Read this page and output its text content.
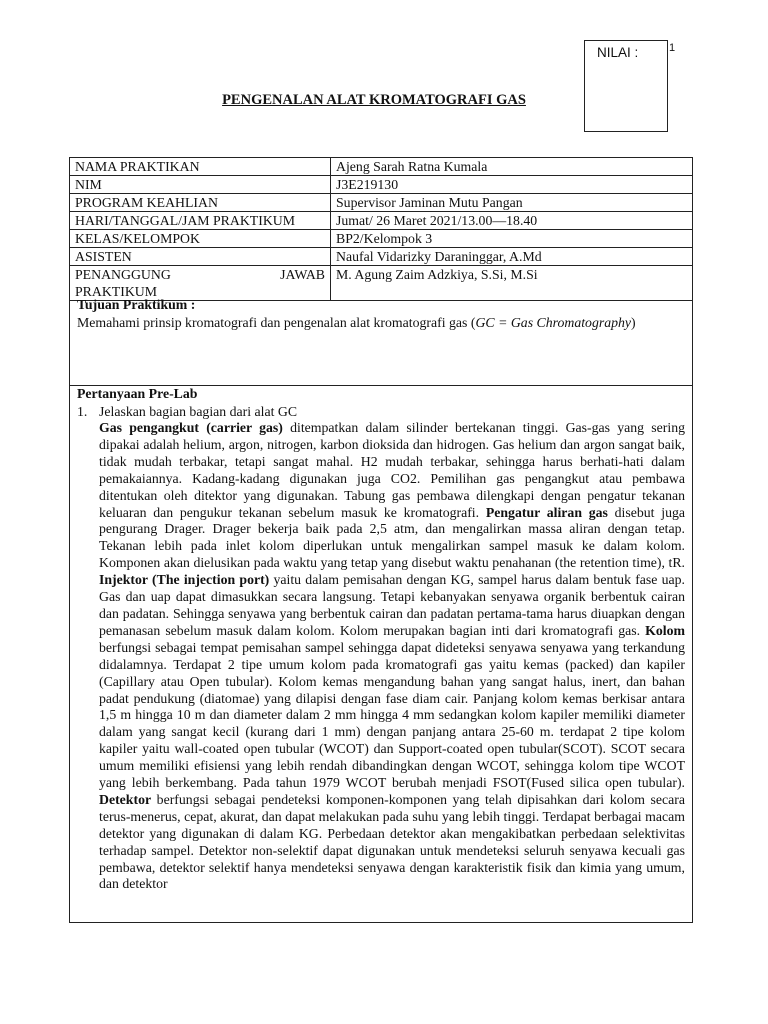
NILAI :	1
PENGENALAN ALAT KROMATOGRAFI GAS
NAMA PRAKTIKAN	Ajeng Sarah Ratna Kumala
NIM	J3E219130
PROGRAM KEAHLIAN	Supervisor Jaminan Mutu Pangan
HARI/TANGGAL/JAM PRAKTIKUM	Jumat/ 26 Maret 2021/13.00—18.40
KELAS/KELOMPOK	BP2/Kelompok 3
ASISTEN	Naufal Vidarizky Daraninggar, A.Md

PENANGGUNG JAWAB
PRAKTIKUM	M. Agung Zaim Adzkiya, S.Si, M.Si
Tujuan Praktikum :
Memahami prinsip kromatografi dan pengenalan alat kromatografi gas (GC = Gas Chromatography)
Pertanyaan Pre-Lab
1. Jelaskan bagian bagian dari alat GC
Gas pengangkut (carrier gas) ditempatkan dalam silinder bertekanan tinggi. Gas-gas yang sering dipakai adalah helium, argon, nitrogen, karbon dioksida dan hidrogen. Gas helium dan argon sangat baik, tidak mudah terbakar, tetapi sangat mahal. H2 mudah terbakar, sehingga harus berhati-hati dalam pemakaiannya. Kadang-kadang digunakan juga CO2. Pemilihan gas pengangkut atau pembawa ditentukan oleh ditektor yang digunakan. Tabung gas pembawa dilengkapi dengan pengatur tekanan keluaran dan pengukur tekanan sebelum masuk ke kromatografi. Pengatur aliran gas disebut juga pengurang Drager. Drager bekerja baik pada 2,5 atm, dan mengalirkan massa aliran dengan tetap. Tekanan lebih pada inlet kolom diperlukan untuk mengalirkan sampel masuk ke dalam kolom. Komponen akan dielusikan pada waktu yang tetap yang disebut waktu penahanan (the retention time), tR. Injektor (The injection port) yaitu dalam pemisahan dengan KG, sampel harus dalam bentuk fase uap. Gas dan uap dapat dimasukkan secara langsung. Tetapi kebanyakan senyawa organik berbentuk cairan dan padatan. Sehingga senyawa yang berbentuk cairan dan padatan pertama-tama harus diuapkan dengan pemanasan sebelum masuk dalam kolom. Kolom merupakan bagian inti dari kromatografi gas. Kolom berfungsi sebagai tempat pemisahan sampel sehingga dapat dideteksi senyawa senyawa yang terkandung didalamnya. Terdapat 2 tipe umum kolom pada kromatografi gas yaitu kemas (packed) dan kapiler (Capillary atau Open tubular). Kolom kemas mengandung bahan yang sangat halus, inert, dan bahan padat pendukung (diatomae) yang dilapisi dengan fase diam cair. Panjang kolom kemas berkisar antara 1,5 m hingga 10 m dan diameter dalam 2 mm hingga 4 mm sedangkan kolom kapiler memiliki diameter dalam yang sangat kecil (kurang dari 1 mm) dengan panjang antara 25-60 m. terdapat 2 tipe kolom kapiler yaitu wall-coated open tubular (WCOT) dan Support-coated open tubular(SCOT). SCOT secara umum memiliki efisiensi yang lebih rendah dibandingkan dengan WCOT, sehingga kolom tipe WCOT yang lebih berkembang. Pada tahun 1979 WCOT berubah menjadi FSOT(Fused silica open tubular). Detektor berfungsi sebagai pendeteksi komponen-komponen yang telah dipisahkan dari kolom secara terus-menerus, cepat, akurat, dan dapat melakukan pada suhu yang lebih tinggi. Terdapat berbagai macam detektor yang digunakan di dalam KG. Perbedaan detektor akan mengakibatkan perbedaan selektivitas terhadap sampel. Detektor non-selektif dapat digunakan untuk mendeteksi seluruh senyawa kecuali gas pembawa, detektor selektif hanya mendeteksi senyawa dengan karakteristik fisik dan kimia yang umum, dan detektor
